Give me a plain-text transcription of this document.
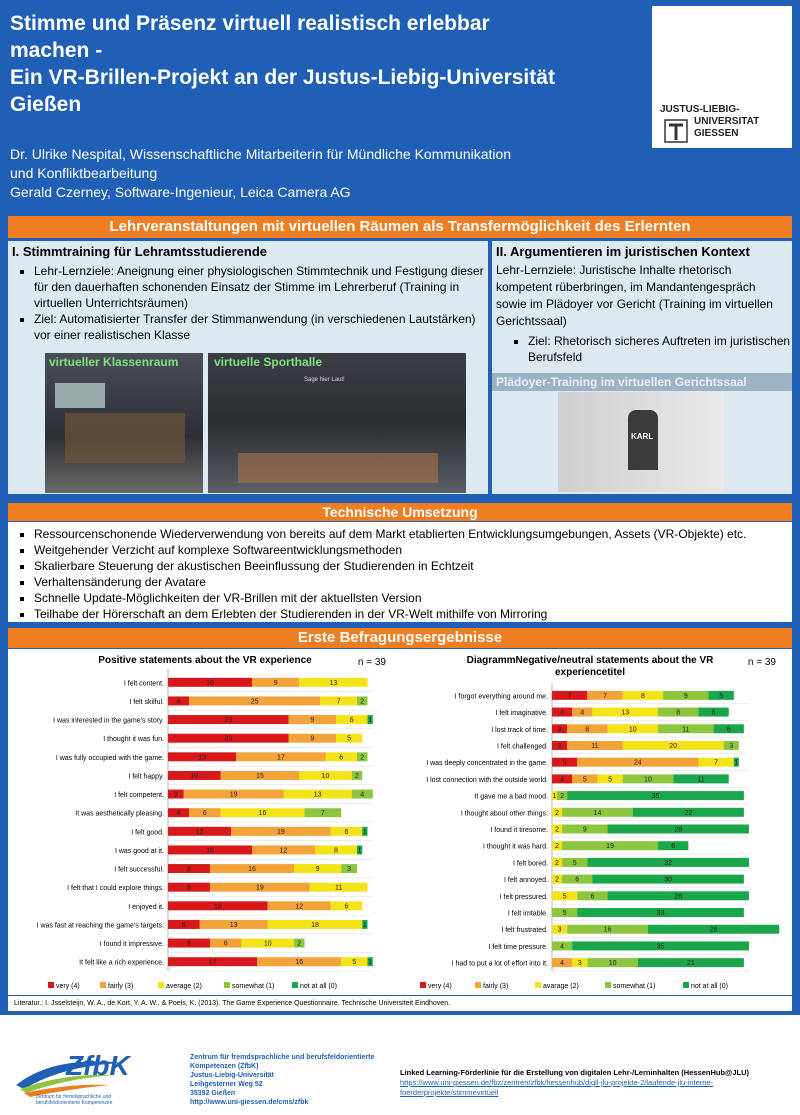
Stimme und Präsenz virtuell realistisch erlebbar
machen -
Ein VR-Brillen-Projekt an der Justus-Liebig-Universität
Gießen
Dr. Ulrike Nespital, Wissenschaftliche Mitarbeiterin für Mündliche Kommunikation
und Konfliktbearbeitung
Gerald Czerney, Software-Ingenieur, Leica Camera AG
JUSTUS-LIEBIG-
UNIVERSITAT
GIESSEN
Lehrveranstaltungen mit virtuellen Räumen als Transfermöglichkeit des Erlernten
I. Stimmtraining für Lehramtsstudierende
▪ Lehr-Lernziele: Aneignung einer physiologischen Stimmtechnik und Festigung dieser für den dauerhaften schonenden Einsatz der Stimme im Lehrerberuf (Training in virtuellen Unterrichtsräumen)
▪ Ziel: Automatisierter Transfer der Stimmanwendung (in verschiedenen Lautstärken) vor einer realistischen Klasse
virtueller Klassenraum	virtuelle Sporthalle
Sage hier Laut!
II. Argumentieren im juristischen Kontext
Lehr-Lernziele: Juristische Inhalte rhetorisch kompetent rüberbringen, im Mandantengespräch sowie im Plädoyer vor Gericht (Training im virtuellen Gerichtssaal)
▪ Ziel: Rhetorisch sicheres Auftreten im juristischen Berufsfeld
Plädoyer-Training im virtuellen Gerichtssaal
KARL
Technische Umsetzung
▪ Ressourcenschonende Wiederverwendung von bereits auf dem Markt etablierten Entwicklungsumgebungen, Assets (VR-Objekte) etc.
▪ Weitgehender Verzicht auf komplexe Softwareentwicklungsmethoden
▪ Skalierbare Steuerung der akustischen Beeinflussung der Studierenden in Echtzeit
▪ Verhaltensänderung der Avatare
▪ Schnelle Update-Möglichkeiten der VR-Brillen mit der aktuellsten Version
▪ Teilhabe der Hörerschaft an dem Erlebten der Studierenden in der VR-Welt mithilfe von Mirroring
Erste Befragungsergebnisse
Positive statements about the VR experience	n = 39
I felt content.	16	9	13
I felt skilful. 4	25	7	2
I was interested in the game's story.	23	9	6 1
I thought it was fun.	23	9	5
I was fully occupied with the game.	13	17	6 2
I felt happy.	10	15	10	2
I felt competent. 3	19	13	4
It was aesthetically pleasing. 4	6	16	7
I felt good.	12	19	6 1
I was good at it.	16	12	8	1
I felt successful.	8	16	9	3
I felt that I could explore things.	8	19	11
I enjoyed it.	19	12	6
I was fast at reaching the game's targets.	6	13	18	1
I found it impressive.	8	6	10	2
It felt like a rich experience.	17	16	5 1
very (4)	fairly (3)	average (2)	somewhat (1)	not at all (0)
DiagrammNegative/neutral statements about the VR experiencetitel
n = 39
I forgot everything around me.	7	7	8	9	5
I felt imaginative. 4 4	13	8	6
I lost track of time. 3	8	10	11	6
I felt challenged. 3	11	20	3
I was deeply concentrated in the game. 5	24	7 1
I lost connection with the outside world. 4	5	5	10	11
It gave me a bad mood. 1 2	35
I thought about other things. 2	14	22
I found it tiresome. 2	9	28
I thought it was hard. 2	19	6
I felt bored. 2 5	32
I felt annoyed. 2 6	30
I felt pressured. 5	6	28
I felt irritable. 5	33
I felt frustrated. 3	16	26
I felt time pressure. 4	35
I had to put a lot of effort into it. 4 3	10	21
very (4)	fairly (3)	avarage (2)	somewhat (1)	not at all (0)
Literatur.: I. Jsselsteijn, W. A., de Kort, Y. A. W., & Poels, K. (2013). The Game Experience Questionnaire. Technische Universiteit Eindhoven.
ZfbK
Zentrum für fremdsprachliche und
berufsfeldorientierte Kompetenzen
Zentrum für fremdsprachliche und berufsfeldorientierte
Kompetenzen (ZfbK)
Justus-Liebig-Universität
Leihgesterner Weg 52
35392 Gießen
http://www.uni-giessen.de/cms/zfbk
Linked Learning-Förderlinie für die Erstellung von digitalen Lehr-/Lerninhalten (HessenHub@JLU)
https://www.uni-giessen.de/fbz/zentren/zfbk/hessenhub/digll-jlu-projekte-2/laufende-jlu-interne-foerderprojekte/stimmevirtuell
